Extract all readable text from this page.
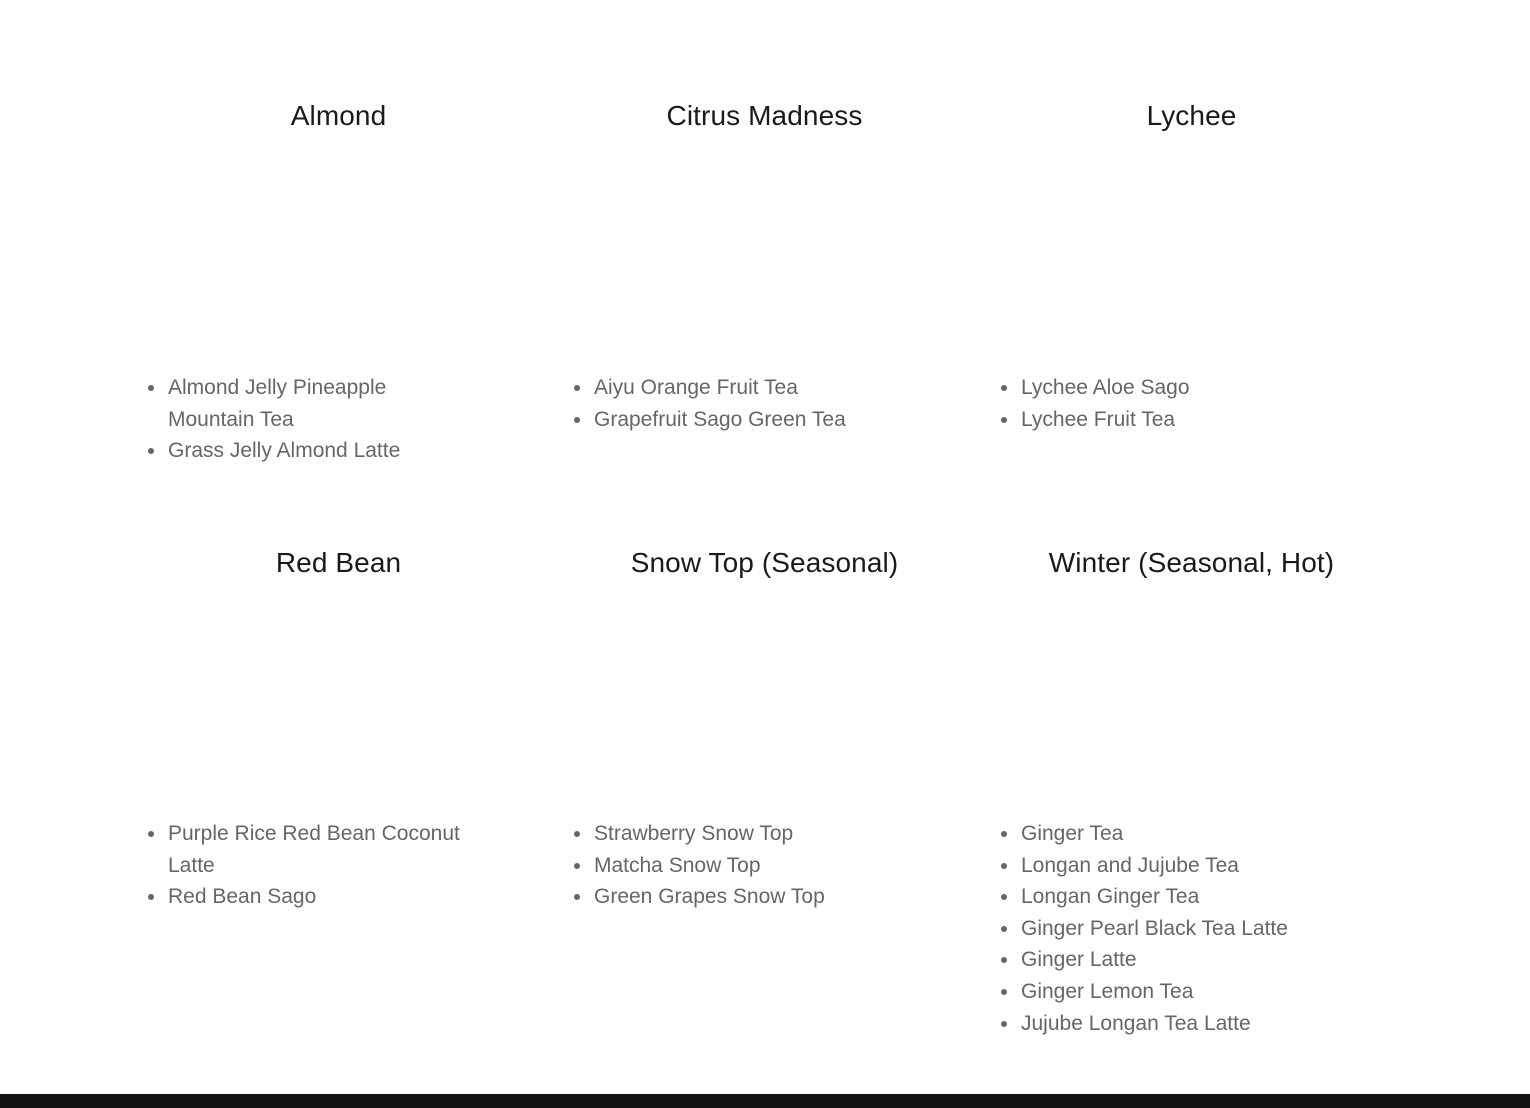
Almond
• Almond Jelly Pineapple Mountain Tea
• Grass Jelly Almond Latte
Citrus Madness
• Aiyu Orange Fruit Tea
• Grapefruit Sago Green Tea
Lychee
• Lychee Aloe Sago
• Lychee Fruit Tea
Red Bean
• Purple Rice Red Bean Coconut Latte
• Red Bean Sago
Snow Top (Seasonal)
• Strawberry Snow Top
• Matcha Snow Top
• Green Grapes Snow Top
Winter (Seasonal, Hot)
• Ginger Tea
• Longan and Jujube Tea
• Longan Ginger Tea
• Ginger Pearl Black Tea Latte
• Ginger Latte
• Ginger Lemon Tea
• Jujube Longan Tea Latte
